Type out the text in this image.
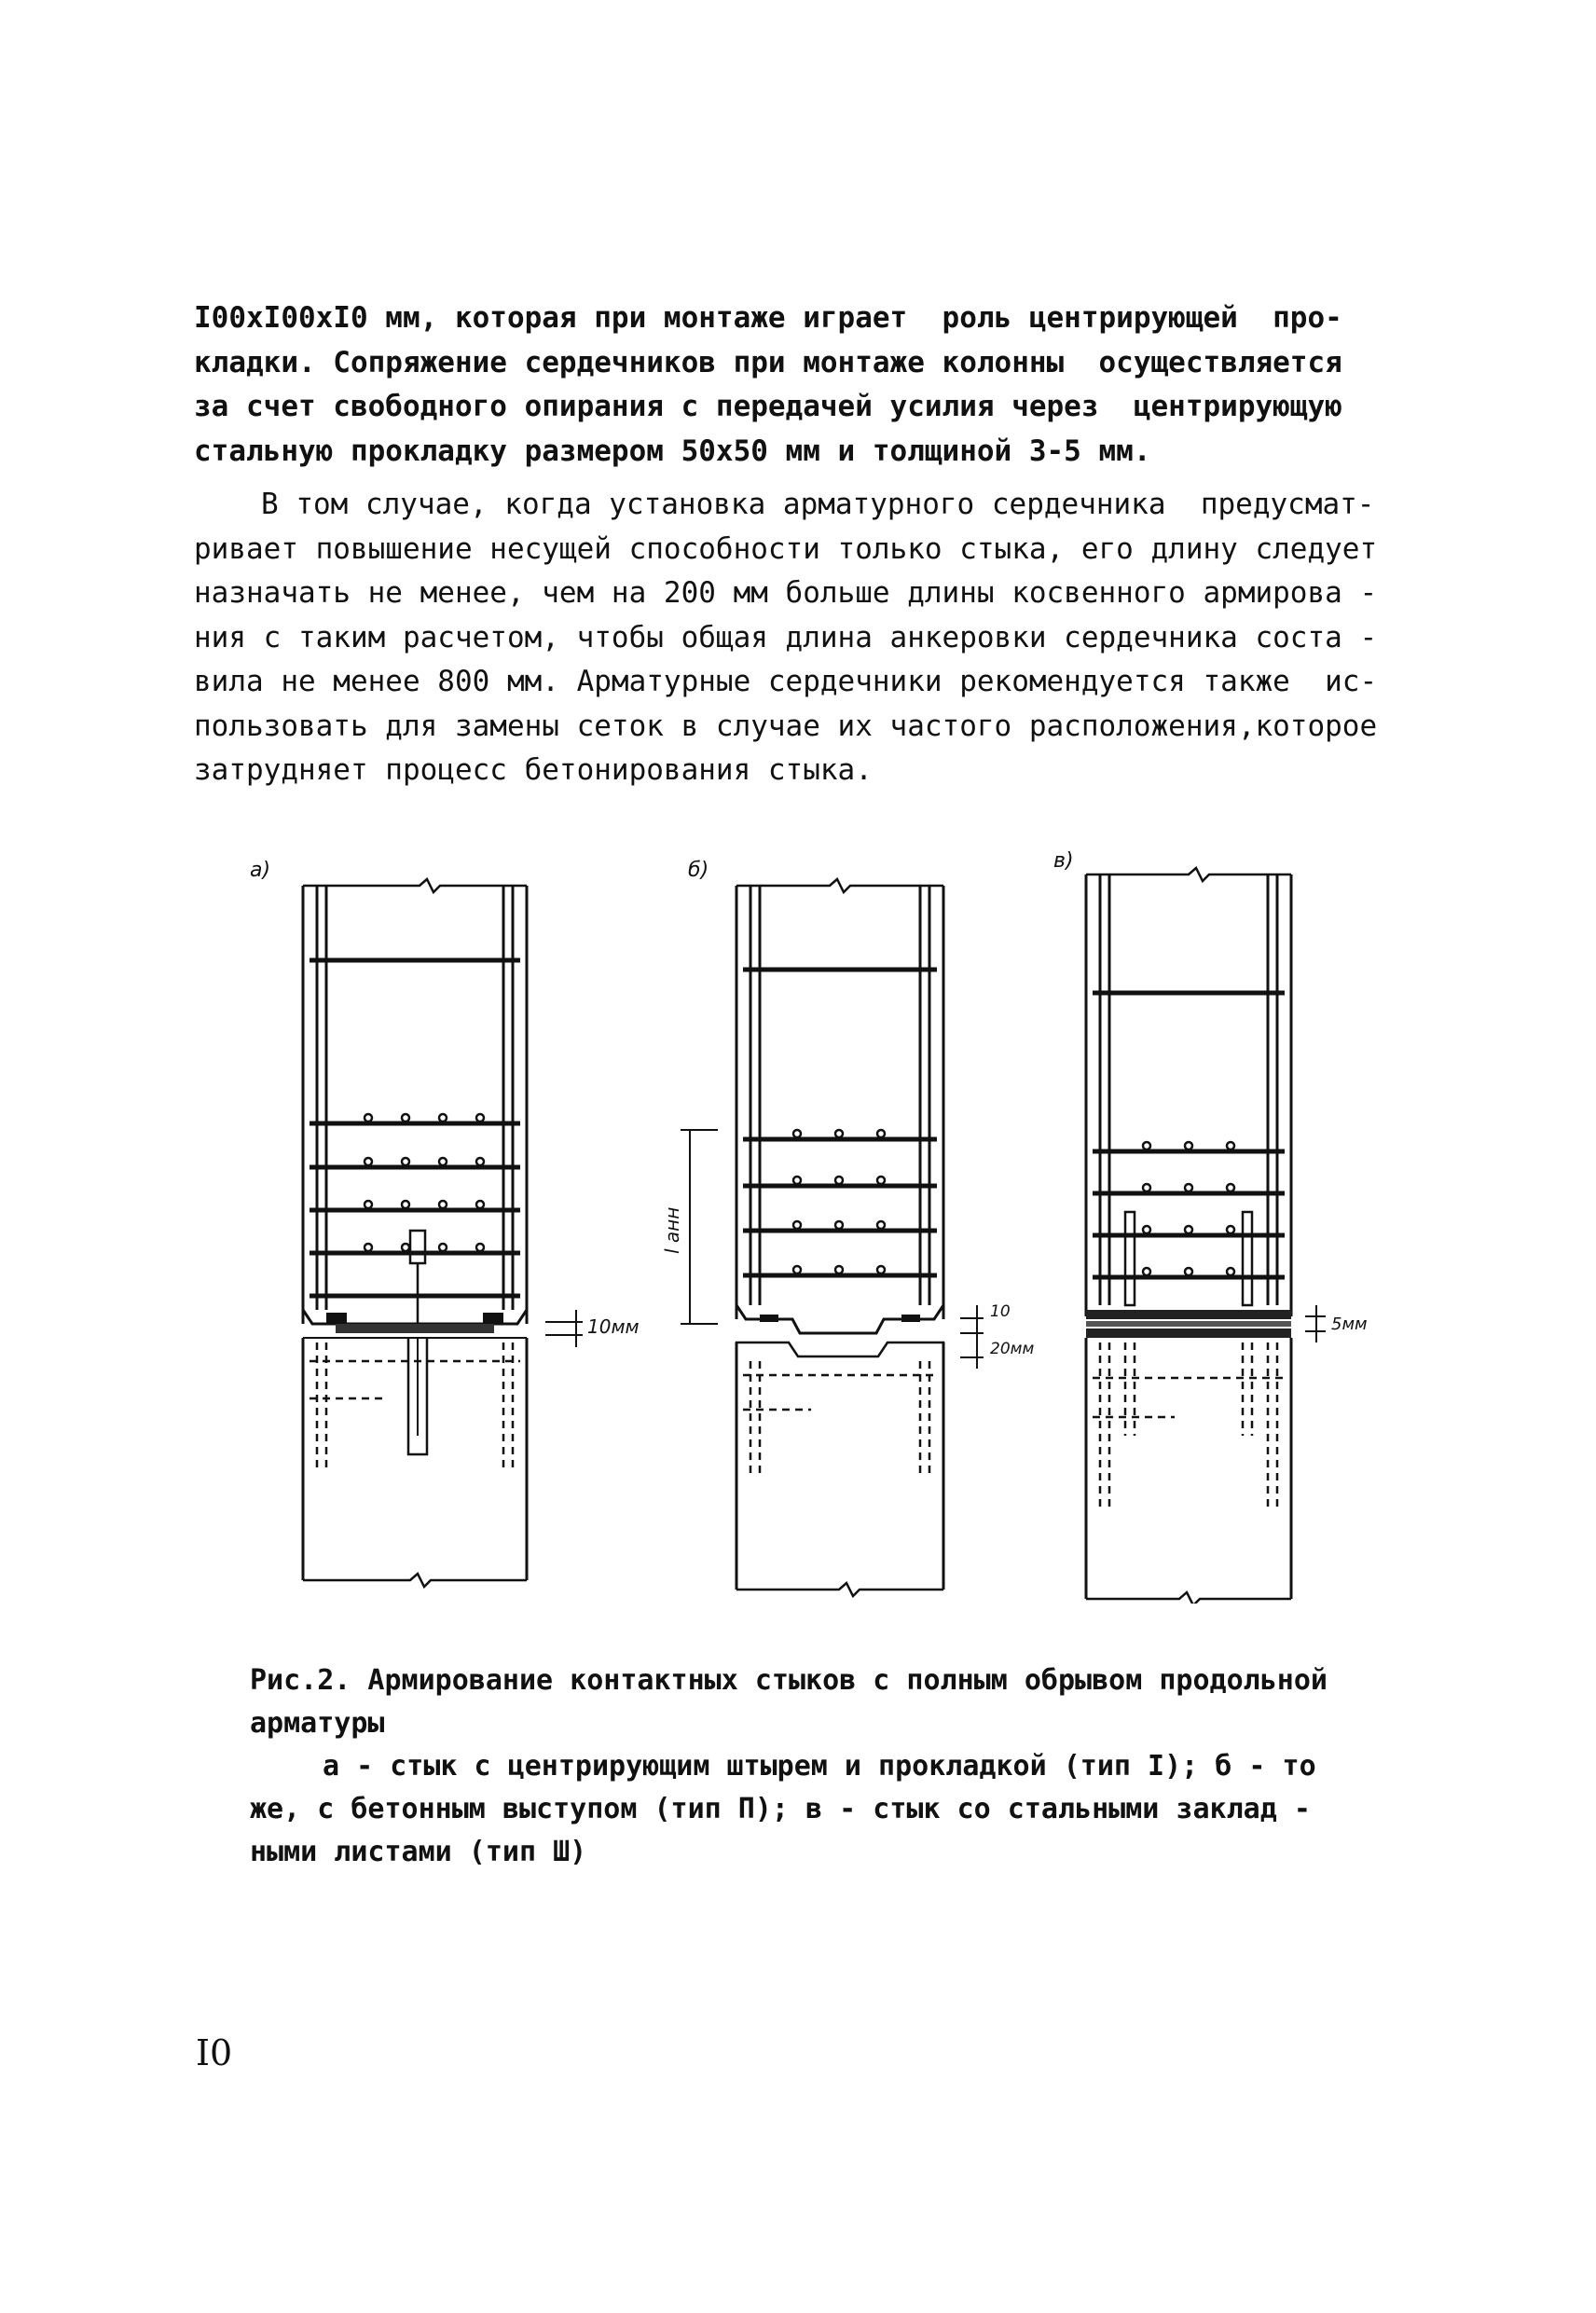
I00xI00xI0 мм, которая при монтаже играет  роль центрирующей  про-
кладки. Сопряжение сердечников при монтаже колонны  осуществляется
за счет свободного опирания с передачей усилия через  центрирующую
стальную прокладку размером 50х50 мм и толщиной 3-5 мм.
В том случае, когда установка арматурного сердечника  предусмат-
ривает повышение несущей способности только стыка, его длину следует
назначать не менее, чем на 200 мм больше длины косвенного армирова -
ния с таким расчетом, чтобы общая длина анкеровки сердечника соста -
вила не менее 800 мм. Арматурные сердечники рекомендуется также  ис-
пользовать для замены сеток в случае их частого расположения,которое
затрудняет процесс бетонирования стыка.
а)
10мм
б)
l анн
10
20мм
в)
5мм
Рис.2. Армирование контактных стыков с полным обрывом продольной
арматуры
а - стык с центрирующим штырем и прокладкой (тип I); б - то
же, с бетонным выступом (тип П); в - стык со стальными заклад -
ными листами (тип Ш)
I0
